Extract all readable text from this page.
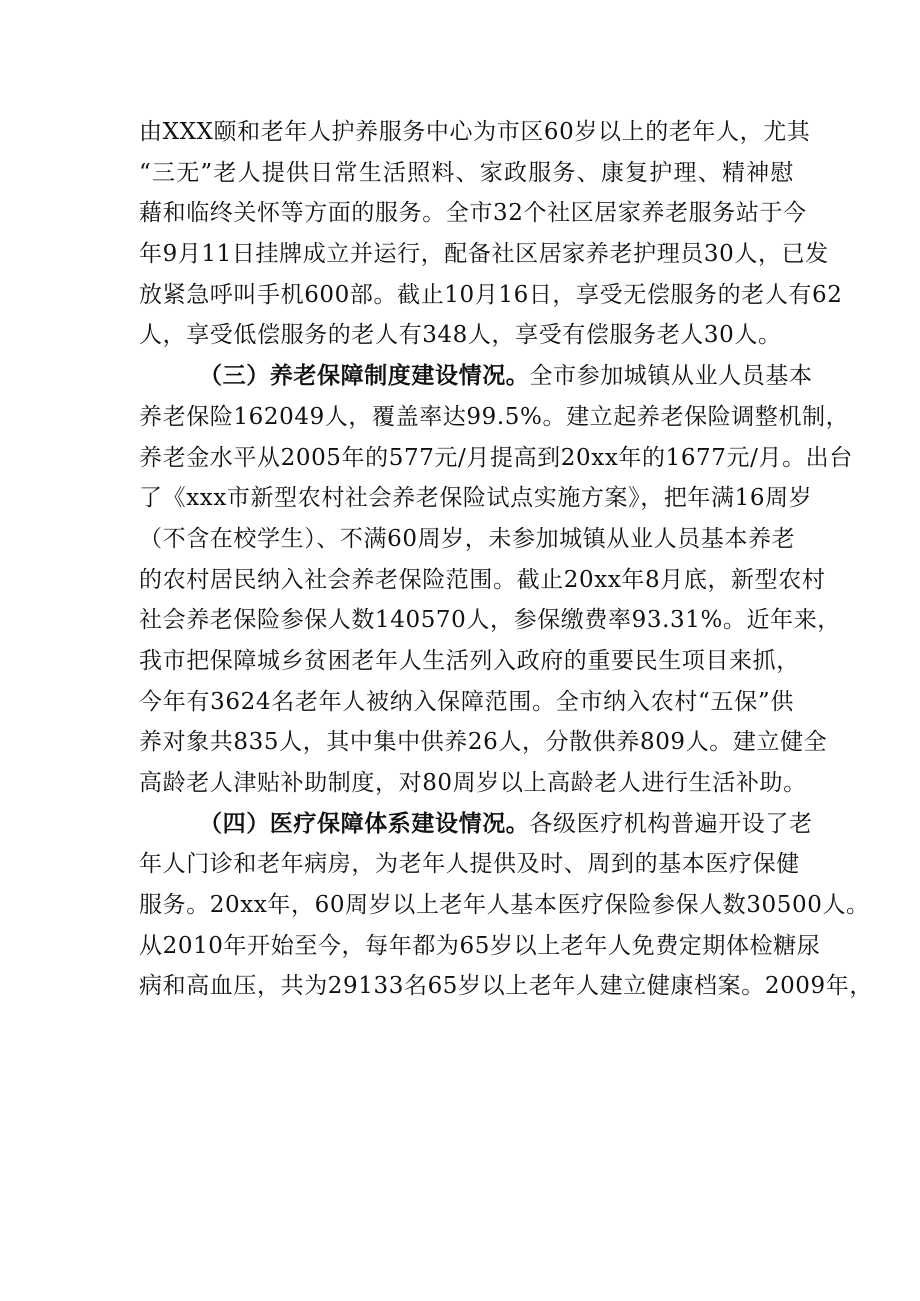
由XXX颐和老年人护养服务中心为市区60岁以上的老年人，尤其
“三无”老人提供日常生活照料、家政服务、康复护理、精神慰
藉和临终关怀等方面的服务。全市32个社区居家养老服务站于今
年9月11日挂牌成立并运行，配备社区居家养老护理员30人，已发
放紧急呼叫手机600部。截止10月16日，享受无偿服务的老人有62
人，享受低偿服务的老人有348人，享受有偿服务老人30人。
（三）养老保障制度建设情况。全市参加城镇从业人员基本
养老保险162049人，覆盖率达99.5%。建立起养老保险调整机制，
养老金水平从2005年的577元/月提高到20xx年的1677元/月。出台
了《xxx市新型农村社会养老保险试点实施方案》，把年满16周岁
（不含在校学生）、不满60周岁，未参加城镇从业人员基本养老
的农村居民纳入社会养老保险范围。截止20xx年8月底，新型农村
社会养老保险参保人数140570人，参保缴费率93.31%。近年来，
我市把保障城乡贫困老年人生活列入政府的重要民生项目来抓，
今年有3624名老年人被纳入保障范围。全市纳入农村“五保”供
养对象共835人，其中集中供养26人，分散供养809人。建立健全
高龄老人津贴补助制度，对80周岁以上高龄老人进行生活补助。
（四）医疗保障体系建设情况。各级医疗机构普遍开设了老
年人门诊和老年病房，为老年人提供及时、周到的基本医疗保健
服务。20xx年，60周岁以上老年人基本医疗保险参保人数30500人。
从2010年开始至今，每年都为65岁以上老年人免费定期体检糖尿
病和高血压，共为29133名65岁以上老年人建立健康档案。2009年，
